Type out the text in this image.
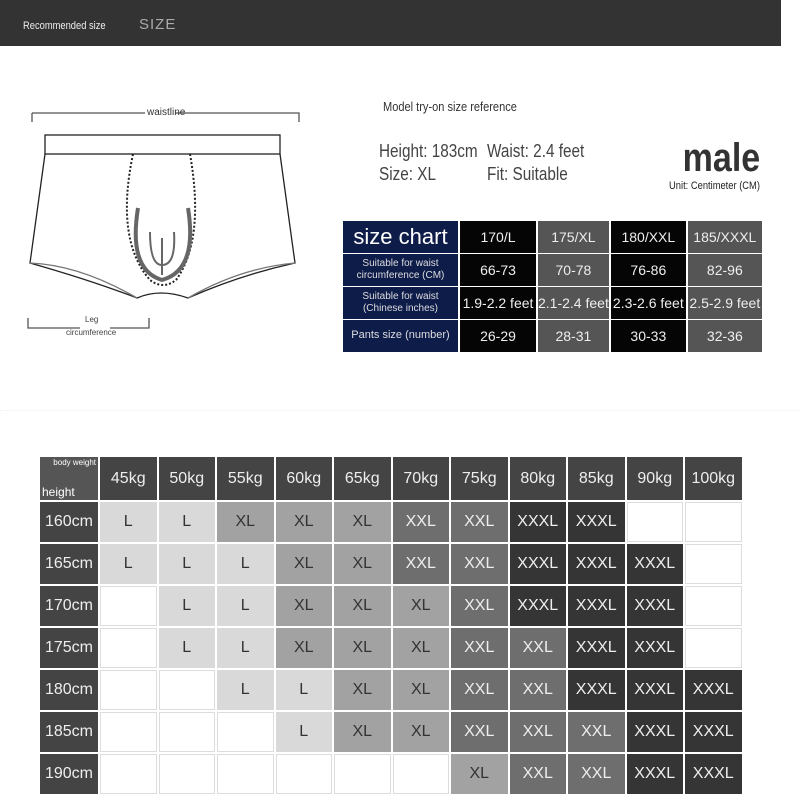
Recommended size SIZE
waistline
Leg
circumference
Model try-on size reference
Height: 183cm Waist: 2.4 feet
Size: XL	Fit: Suitable	male
Unit: Centimeter (CM)
size chart	170/L	175/XL	180/XXL	185/XXXL
Suitable for waist
circumference (CM)	66-73	70-78	76-86	82-96
Suitable for waist
(Chinese inches)	1.9-2.2 feet	2.1-2.4 feet	2.3-2.6 feet	2.5-2.9 feet
Pants size (number)	26-29	28-31	30-33	32-36
body weight
height	45kg	50kg	55kg	60kg	65kg	70kg	75kg	80kg	85kg	90kg	100kg
160cm	L	L	XL	XL	XL	XXL	XXL	XXXL	XXXL		
165cm	L	L	L	XL	XL	XXL	XXL	XXXL	XXXL	XXXL	
170cm		L	L	XL	XL	XL	XXL	XXXL	XXXL	XXXL	
175cm		L	L	XL	XL	XL	XXL	XXL	XXXL	XXXL	
180cm			L	L	XL	XL	XXL	XXL	XXXL	XXXL	XXXL
185cm				L	XL	XL	XXL	XXL	XXL	XXXL	XXXL
190cm							XL	XXL	XXL	XXXL	XXXL
